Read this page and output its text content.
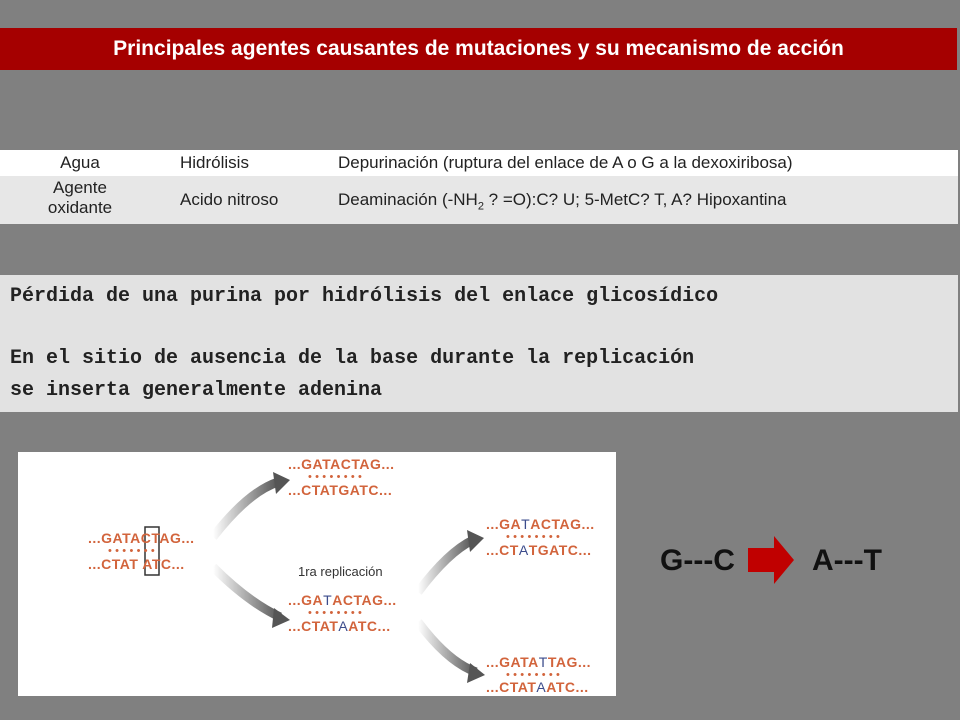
Principales agentes causantes de mutaciones y su mecanismo de acción
Agua	Hidrólisis	Depurinación (ruptura del enlace de A o G a la dexoxiribosa)
Agente
oxidante	Acido nitroso	Deaminación ($-NH_2$ ? =O):C? U; 5-MetC? T, A? Hipoxantina
Pérdida de una purina por hidrólisis del enlace glicosídico
En el sitio de ausencia de la base durante la replicación
se inserta generalmente adenina
...GATACTAG...
•••••••
...CTAT ATC...
...GATACTAG...
••••••••
...CTATGATC...
1ra replicación
...GATACTAG...
••••••••
...CTATAATC...
...GATACTAG...
••••••••
...CTATGATC...
...GATATTAG...
••••••••
...CTATAATC...
G---C	A---T
